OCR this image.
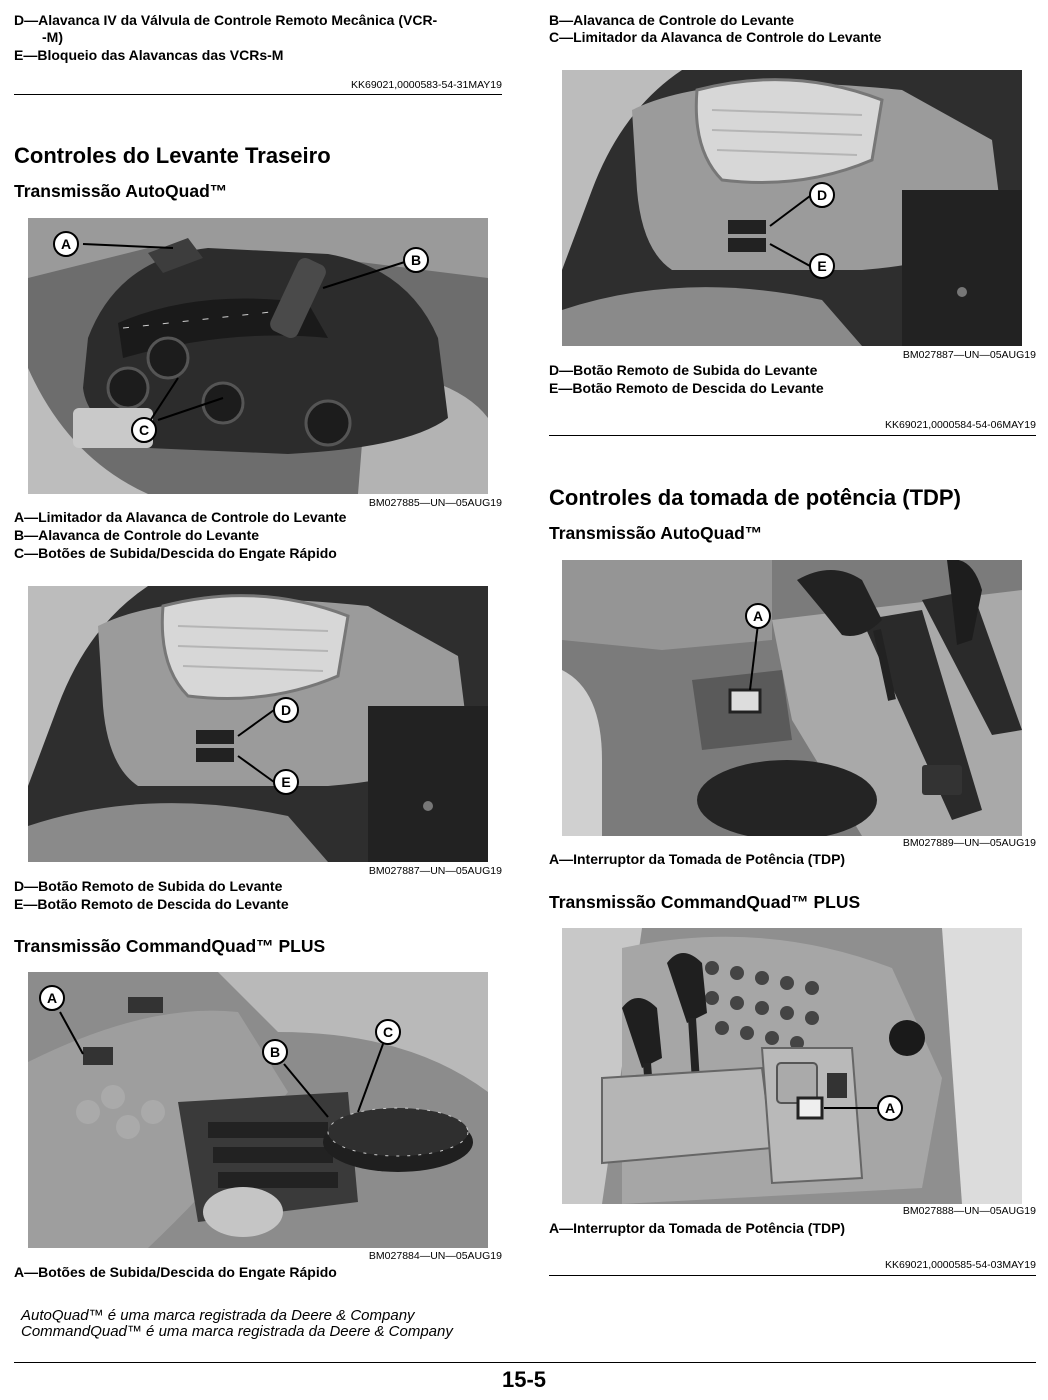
D—Alavanca IV da Válvula de Controle Remoto Mecânica (VCR-
-M)
E—Bloqueio das Alavancas das VCRs-M
KK69021,0000583-54-31MAY19
Controles do Levante Traseiro
Transmissão AutoQuad™
A
B
C
BM027885—UN—05AUG19
A—Limitador da Alavanca de Controle do Levante
B—Alavanca de Controle do Levante
C—Botões de Subida/Descida do Engate Rápido
D
E
BM027887—UN—05AUG19
D—Botão Remoto de Subida do Levante
E—Botão Remoto de Descida do Levante
Transmissão CommandQuad™ PLUS
A
B
C
BM027884—UN—05AUG19
A—Botões de Subida/Descida do Engate Rápido
AutoQuad™ é uma marca registrada da Deere & Company
CommandQuad™ é uma marca registrada da Deere & Company
B—Alavanca de Controle do Levante
C—Limitador da Alavanca de Controle do Levante
D
E
BM027887—UN—05AUG19
D—Botão Remoto de Subida do Levante
E—Botão Remoto de Descida do Levante
KK69021,0000584-54-06MAY19
Controles da tomada de potência (TDP)
Transmissão AutoQuad™
A
BM027889—UN—05AUG19
A—Interruptor da Tomada de Potência (TDP)
Transmissão CommandQuad™ PLUS
A
BM027888—UN—05AUG19
A—Interruptor da Tomada de Potência (TDP)
KK69021,0000585-54-03MAY19
15-5
